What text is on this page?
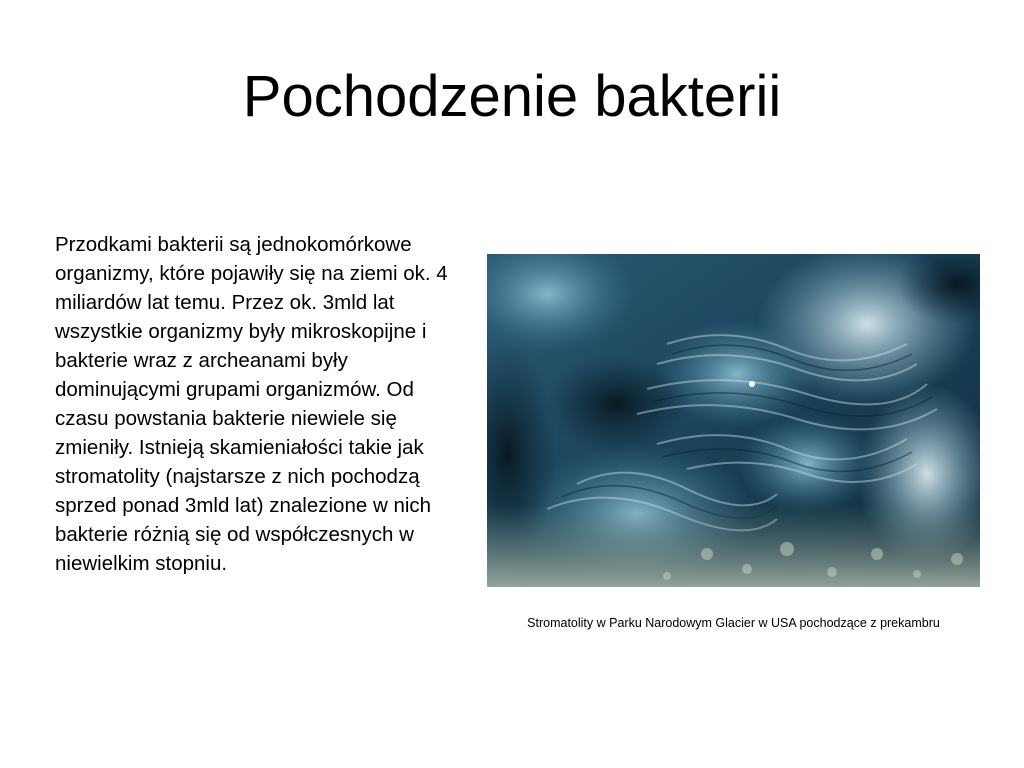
Pochodzenie bakterii

Przodkami bakterii są jednokomórkowe organizmy, które pojawiły się na ziemi ok. 4 miliardów lat temu. Przez ok. 3mld lat wszystkie organizmy były mikroskopijne i bakterie wraz z archeanami były dominującymi grupami organizmów. Od czasu powstania bakterie niewiele się zmieniły. Istnieją skamieniałości takie jak stromatolity (najstarsze z nich pochodzą sprzed ponad 3mld lat) znalezione w nich bakterie różnią się od współczesnych w niewielkim stopniu.

Stromatolity w Parku Narodowym Glacier w USA pochodzące z prekambru
